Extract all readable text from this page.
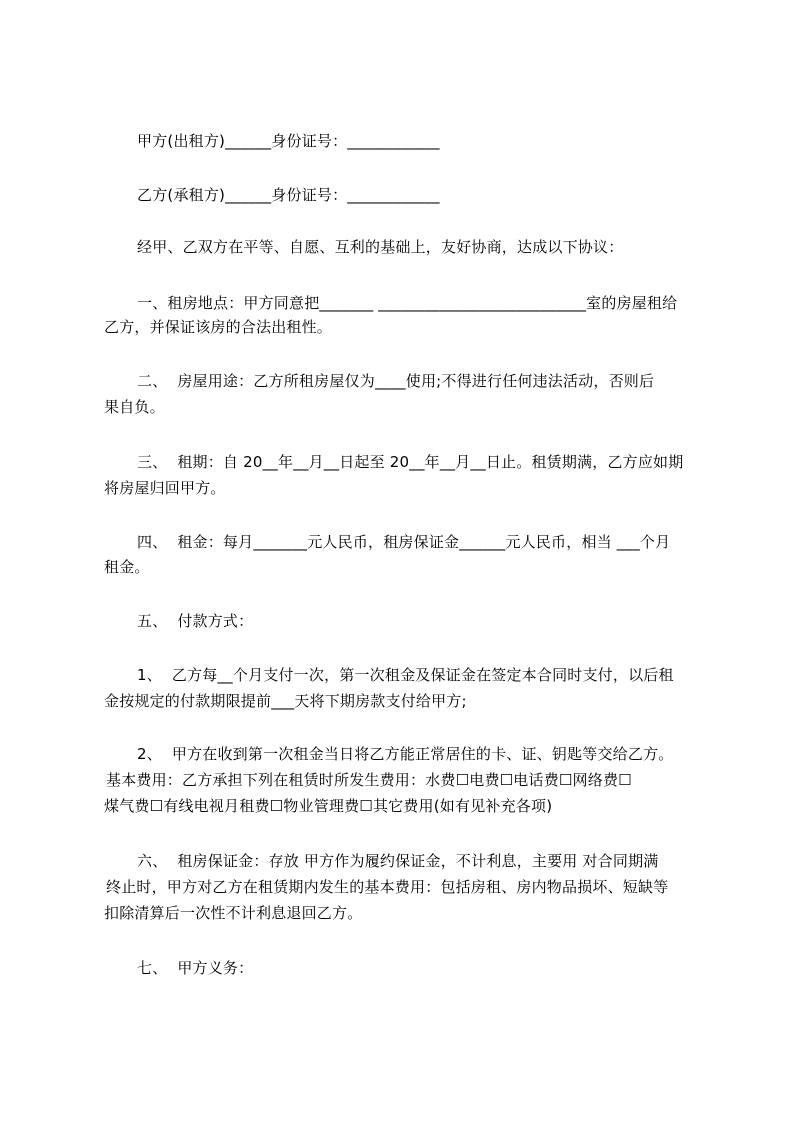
甲方(出租方)______身份证号：____________
乙方(承租方)______身份证号：____________
经甲、乙双方在平等、自愿、互利的基础上，友好协商，达成以下协议：
一、租房地点：甲方同意把_______ ___________________________室的房屋租给
乙方，并保证该房的合法出租性。
二、  房屋用途：乙方所租房屋仅为____使用;不得进行任何违法活动，否则后
果自负。
三、  租期：自 20__年__月__日起至 20__年__月__日止。租赁期满，乙方应如期
将房屋归回甲方。
四、  租金：每月_______元人民币，租房保证金______元人民币，相当 ___个月
租金。
五、  付款方式：
1、  乙方每__个月支付一次，第一次租金及保证金在签定本合同时支付，以后租
金按规定的付款期限提前___天将下期房款支付给甲方;
2、  甲方在收到第一次租金当日将乙方能正常居住的卡、证、钥匙等交给乙方。
基本费用：乙方承担下列在租赁时所发生费用：水费☐电费☐电话费☐网络费☐
煤气费☐有线电视月租费☐物业管理费☐其它费用(如有见补充各项)
六、  租房保证金：存放 甲方作为履约保证金，不计利息，主要用 对合同期满
终止时，甲方对乙方在租赁期内发生的基本费用：包括房租、房内物品损坏、短缺等
扣除清算后一次性不计利息退回乙方。
七、  甲方义务：
